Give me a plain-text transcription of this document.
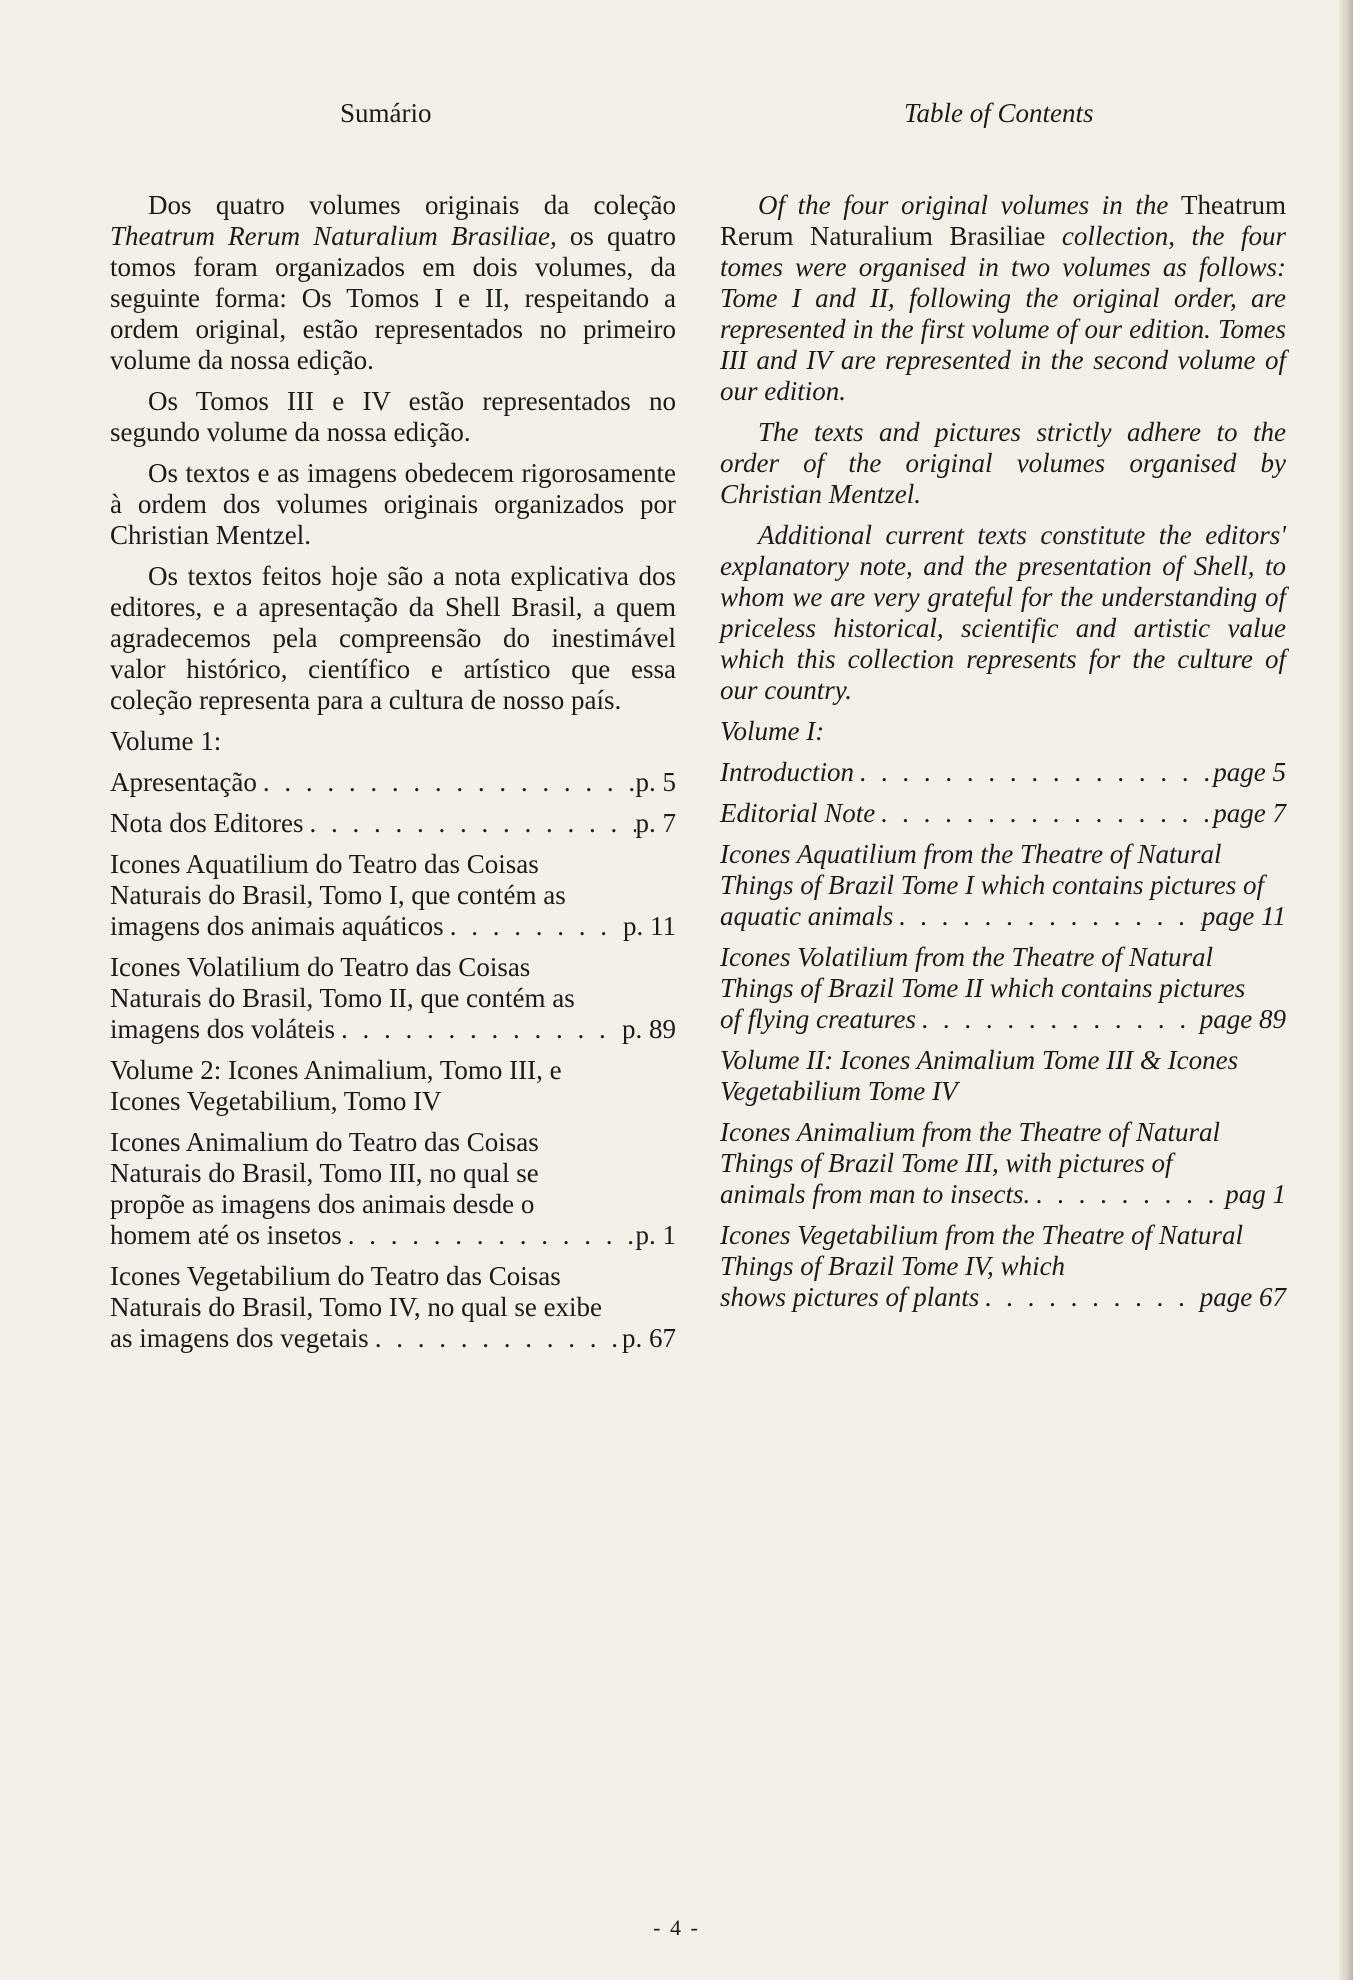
Sumário	Table of Contents

Dos quatro volumes originais da coleção Theatrum Rerum Naturalium Brasiliae, os quatro tomos foram organizados em dois volumes, da seguinte forma: Os Tomos I e II, respeitando a ordem original, estão representados no primeiro volume da nossa edição.

Os Tomos III e IV estão representados no segundo volume da nossa edição.

Os textos e as imagens obedecem rigorosamente à ordem dos volumes originais organizados por Christian Mentzel.

Os textos feitos hoje são a nota explicativa dos editores, e a apresentação da Shell Brasil, a quem agradecemos pela compreensão do inestimável valor histórico, científico e artístico que essa coleção representa para a cultura de nosso país.

Volume 1:
Apresentação . . .	p. 5
Nota dos Editores . . .	p. 7
Icones Aquatilium do Teatro das Coisas
Naturais do Brasil, Tomo I, que contém as
imagens dos animais aquáticos . . .	p. 11
Icones Volatilium do Teatro das Coisas
Naturais do Brasil, Tomo II, que contém as
imagens dos voláteis . . .	p. 89
Volume 2: Icones Animalium, Tomo III, e
Icones Vegetabilium, Tomo IV
Icones Animalium do Teatro das Coisas
Naturais do Brasil, Tomo III, no qual se
propõe as imagens dos animais desde o
homem até os insetos . . .	p. 1
Icones Vegetabilium do Teatro das Coisas
Naturais do Brasil, Tomo IV, no qual se exibe
as imagens dos vegetais . . .	p. 67

Of the four original volumes in the Theatrum Rerum Naturalium Brasiliae collection, the four tomes were organised in two volumes as follows: Tome I and II, following the original order, are represented in the first volume of our edition. Tomes III and IV are represented in the second volume of our edition.

The texts and pictures strictly adhere to the order of the original volumes organised by Christian Mentzel.

Additional current texts constitute the editors' explanatory note, and the presentation of Shell, to whom we are very grateful for the understanding of priceless historical, scientific and artistic value which this collection represents for the culture of our country.

Volume I:
Introduction . . .	page 5
Editorial Note . . .	page 7
Icones Aquatilium from the Theatre of Natural
Things of Brazil Tome I which contains pictures of
aquatic animals . . .	page 11
Icones Volatilium from the Theatre of Natural
Things of Brazil Tome II which contains pictures
of flying creatures . . .	page 89
Volume II: Icones Animalium Tome III & Icones
Vegetabilium Tome IV
Icones Animalium from the Theatre of Natural
Things of Brazil Tome III, with pictures of
animals from man to insects. . . .	pag 1
Icones Vegetabilium from the Theatre of Natural
Things of Brazil Tome IV, which
shows pictures of plants . . .	page 67
- 4 -
